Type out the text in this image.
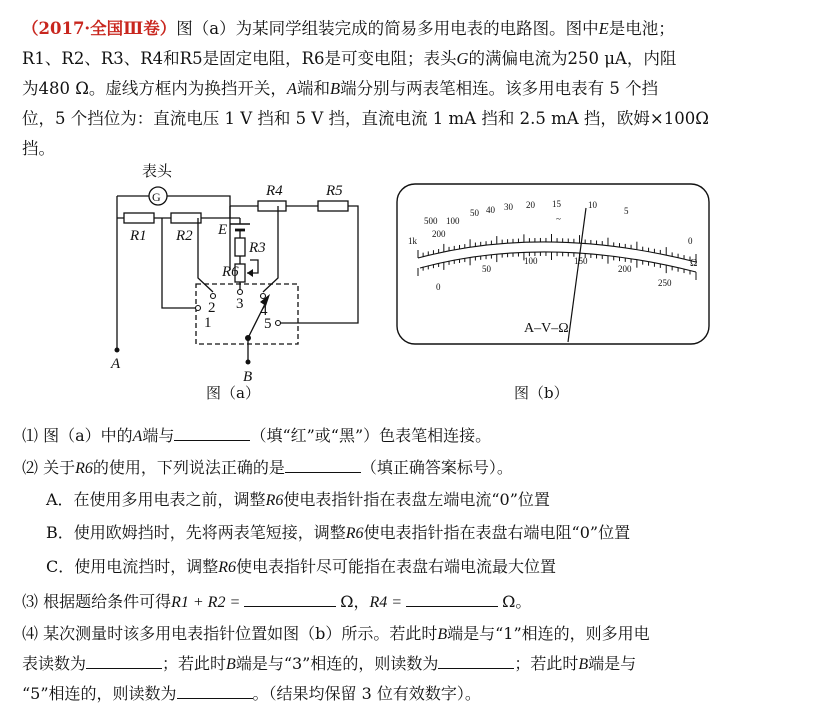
（2017·全国Ⅲ卷）图（a）为某同学组装完成的简易多用电表的电路图。图中E是电池；
R1、R2、R3、R4和R5是固定电阻，R6是可变电阻；表头G的满偏电流为250 μA，内阻
为480 Ω。虚线方框内为换挡开关，A端和B端分别与两表笔相连。该多用电表有 5 个挡
位，5 个挡位为：直流电压 1 V 挡和 5 V 挡，直流电流 1 mA 挡和 2.5 mA 挡，欧姆×100Ω
挡。
表头
G
R1 R2
R4	R5
E
R3
R6
1
2 3 4
5
A
B
图（a）
1k
500
200
100
50 40 30 20 15	10
5
0
Ω
0
50
100	150
200
250
A–V–Ω
~
图（b）
⑴ 图（a）中的A端与	（填“红”或“黑”）色表笔相连接。
⑵ 关于R6的使用，下列说法正确的是	（填正确答案标号）。
A．在使用多用电表之前，调整R6使电表指针指在表盘左端电流“0”位置
B．使用欧姆挡时，先将两表笔短接，调整R6使电表指针指在表盘右端电阻“0”位置
C．使用电流挡时，调整R6使电表指针尽可能指在表盘右端电流最大位置
⑶ 根据题给条件可得R1 + R2 =	Ω，R4 =	Ω。
⑷ 某次测量时该多用电表指针位置如图（b）所示。若此时B端是与“1”相连的，则多用电
表读数为	；若此时B端是与“3”相连的，则读数为	；若此时B端是与
“5”相连的，则读数为	。（结果均保留 3 位有效数字）。
